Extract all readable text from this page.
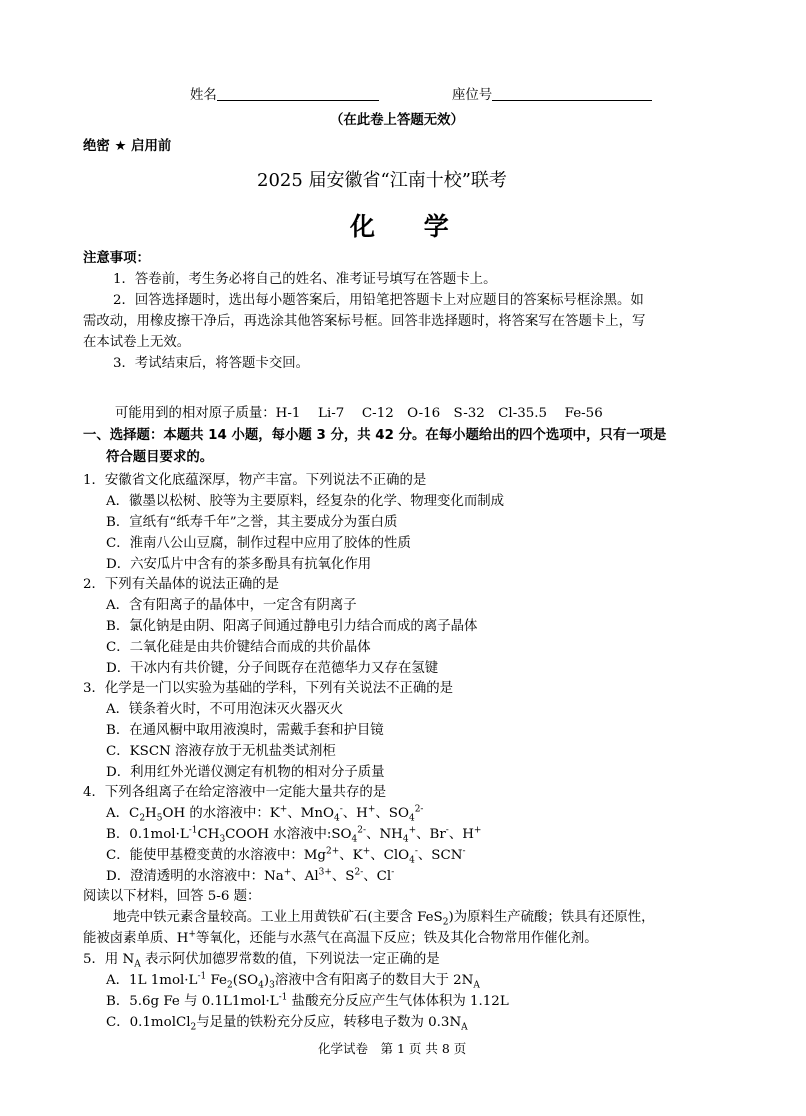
姓名	座位号
（在此卷上答题无效）
绝密 ★ 启用前
2025 届安徽省“江南十校”联考
化 学
注意事项：
1．答卷前，考生务必将自己的姓名、准考证号填写在答题卡上。
2．回答选择题时，选出每小题答案后，用铅笔把答题卡上对应题目的答案标号框涂黑。如
需改动，用橡皮擦干净后，再选涂其他答案标号框。回答非选择题时，将答案写在答题卡上，写
在本试卷上无效。
3．考试结束后，将答题卡交回。
可能用到的相对原子质量：H-1　 Li-7　 C-12　O-16　S-32　Cl-35.5　 Fe-56
一、选择题：本题共 14 小题，每小题 3 分，共 42 分。在每小题给出的四个选项中，只有一项是
符合题目要求的。
1．安徽省文化底蕴深厚，物产丰富。下列说法不正确的是
A．徽墨以松树、胶等为主要原料，经复杂的化学、物理变化而制成
B．宣纸有“纸寿千年”之誉，其主要成分为蛋白质
C．淮南八公山豆腐，制作过程中应用了胶体的性质
D．六安瓜片中含有的茶多酚具有抗氧化作用
2．下列有关晶体的说法正确的是
A．含有阳离子的晶体中，一定含有阴离子
B．氯化钠是由阴、阳离子间通过静电引力结合而成的离子晶体
C．二氧化硅是由共价键结合而成的共价晶体
D．干冰内有共价键，分子间既存在范德华力又存在氢键
3．化学是一门以实验为基础的学科，下列有关说法不正确的是
A．镁条着火时，不可用泡沫灭火器灭火
B．在通风橱中取用液溴时，需戴手套和护目镜
C．KSCN 溶液存放于无机盐类试剂柜
D．利用红外光谱仪测定有机物的相对分子质量
4．下列各组离子在给定溶液中一定能大量共存的是
A．$C_2H_5OH$ 的水溶液中：K+、MnO$_4$-、H+、$SO_4^{2-}$
B．$0.1mol\cdot L^{-1}CH_3COOH$ 水溶液中$:SO_4^{2-}$、$NH_4^+$、Br-、H+
C．能使甲基橙变黄的水溶液中：$Mg^{2+}$、K+、ClO$_4$-、SCN-
D．澄清透明的水溶液中：Na+、$Al^{3+}$、$S^{2-}$、Cl-
阅读以下材料，回答 5-6 题：
地壳中铁元素含量较高。工业上用黄铁矿石(主要含 FeS$_2$)为原料生产硫酸；铁具有还原性，
能被卤素单质、H+等氧化，还能与水蒸气在高温下反应；铁及其化合物常用作催化剂。
5．用 $N_A$ 表示阿伏加德罗常数的值，下列说法一定正确的是
A．1L $1mol\cdot L^{-1}$ $Fe_2(SO_4)_3$溶液中含有阳离子的数目大于 $2N_A$
B．5.6g Fe 与 $0.1L1mol\cdot L^{-1}$ 盐酸充分反应产生气体体积为 1.12L
C．0.1molCl$_2$与足量的铁粉充分反应，转移电子数为 $0.3N_A$
化学试卷　第 1 页 共 8 页
